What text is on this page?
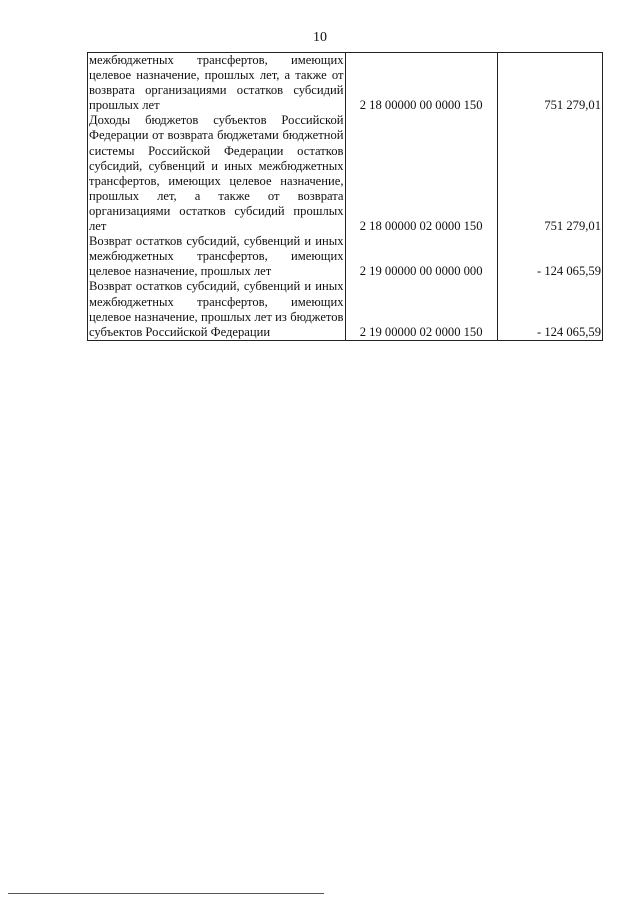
10
межбюджетных трансфертов, имеющих целевое назначение, прошлых лет, а также от возврата организациями остатков субсидий прошлых лет	2 18 00000 00 0000 150	751 279,01
Доходы бюджетов субъектов Российской Федерации от возврата бюджетами бюджетной системы Российской Федерации остатков субсидий, субвенций и иных межбюджетных трансфертов, имеющих целевое назначение, прошлых лет, а также от возврата организациями остатков субсидий прошлых лет	2 18 00000 02 0000 150	751 279,01
Возврат остатков субсидий, субвенций и иных межбюджетных трансфертов, имеющих целевое назначение, прошлых лет	2 19 00000 00 0000 000	- 124 065,59
Возврат остатков субсидий, субвенций и иных межбюджетных трансфертов, имеющих целевое назначение, прошлых лет из бюджетов субъектов Российской Федерации	2 19 00000 02 0000 150	- 124 065,59
